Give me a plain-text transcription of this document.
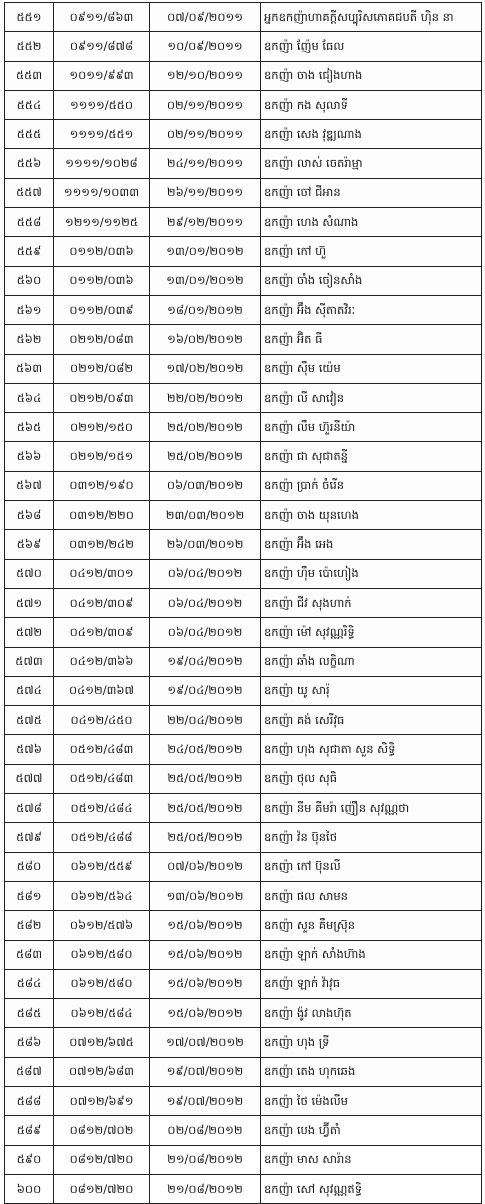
៥៥១	០៩១១/៨៦៣	០៧/០៩/២០១១	អ្នកឧកញ៉ាហាគក្តីសប្បុរិសភោគជបតី ហ៊ិន នា
៥៥២	០៩១១/៨៧៨	១០/០៩/២០១១	ឧកញ៉ា ញ៉ែម ធែល
៥៥៣	១០១១/៩៩៣	១២/១០/២០១១	ឧកញ៉ា ចាង ជៀងហាង
៥៥៤	១១១១/៥៥០	០២/១១/២០១១	ឧកញ៉ា កង សុលាទី
៥៥៥	១១១១/៥៥១	០២/១១/២០១១	ឧកញ៉ា សេង វុឌ្ឍណាង
៥៥៦	១១១១/១០២៨	២៤/១១/២០១១	ឧកញ៉ា លាស់ ចេតរ៉ាម្មា
៥៥៧	១១១១/១០៣៣	២៦/១១/២០១១	ឧកញ៉ា ចៅ ជីអាន
៥៥៨	១២១១/១១២៥	២៩/១២/២០១១	ឧកញ៉ា ហេង សំណាង
៥៥៩	០១១២/០៣៦	១៣/០១/២០១២	ឧកញ៉ា កៅ ហ៊ួ
៥៦០	០១១២/០៣៦	១៣/០១/២០១២	ឧកញ៉ា ចាំង ចៀនសាំង
៥៦១	០១១២/០៣៩	១៨/០១/២០១២	ឧកញ៉ា អ៊ឹង ស៊ីតាតវិរៈ
៥៦២	០២១២/០៨៣	១៦/០២/២០១២	ឧកញ៉ា អ៊ិត ធី
៥៦៣	០២១២/០៨២	១៧/០២/២០១២	ឧកញ៉ា ស៊ឹម យ៉េម
៥៦៤	០២១២/០៩៣	២២/០២/២០១២	ឧកញ៉ា លី សាវៀន
៥៦៥	០២១២/១៥០	២៥/០២/២០១២	ឧកញ៉ា លឹម ហ៊ួរនីយ៉ា
៥៦៦	០២១២/១៥១	២៥/០២/២០១២	ឧកញ៉ា ជា សុជាតន្នី
៥៦៧	០៣១២/១៩០	០៦/០៣/២០១២	ឧកញ៉ា ប្រាក់ ចំរើន
៥៦៨	០៣១២/២២០	២៣/០៣/២០១២	ឧកញ៉ា ចាង យុនហេង
៥៦៩	០៣១២/២៤២	២៦/០៣/២០១២	ឧកញ៉ា អ៊ឹង អេង
៥៧០	០៤១២/៣០១	០៦/០៤/២០១២	ឧកញ៉ា ហ៊ឹម ប៉ោហៀង
៥៧១	០៤១២/៣០៩	០៦/០៤/២០១២	ឧកញ៉ា ជីវ សុងហាក់
៥៧២	០៤១២/៣០៩	០៦/០៤/២០១២	ឧកញ៉ា ម៉ៅ សុវណ្ណរិទ្ធិ
៥៧៣	០៤១២/៣៦៦	១៩/០៤/២០១២	ឧកញ៉ា ឆាំង លក្ខិណា
៥៧៤	០៤១២/៣៦៧	១៩/០៤/២០១២	ឧកញ៉ា យូ សារ៉ុ
៥៧៥	០៤១២/៤៥០	២២/០៤/២០១២	ឧកញ៉ា គង់ សេរីវុធ
៥៧៦	០៥១២/៤៨៣	២៤/០៥/២០១២	ឧកញ៉ា ហុង សុជាតា សួន សិទ្ធិ
៥៧៧	០៥១២/៤៨៣	២៥/០៥/២០១២	ឧកញ៉ា ថុល សុធិ
៥៧៨	០៥១២/៤៨៤	២៥/០៥/២០១២	ឧកញ៉ា នីម គីមរ៉ា ញ៉ឿន សុវណ្ណថា
៥៧៩	០៥១២/៤៨៨	២៥/០៥/២០១២	ឧកញ៉ា វ៉ន ប៊ុនថៃ
៥៨០	០៦១២/៥៥៩	០៧/០៦/២០១២	ឧកញ៉ា កៅ ប៊ុនលី
៥៨១	០៦១២/៥៦៤	១៣/០៦/២០១២	ឧកញ៉ា ផល សាមន
៥៨២	០៦១២/៥៧៦	១៥/០៦/២០១២	ឧកញ៉ា សួន គឹមស្រ៊ុន
៥៨៣	០៦១២/៥៨០	១៥/០៦/២០១២	ឧកញ៉ា ឡាក់ សាំងហ៊ាង
៥៨៤	០៦១២/៥៨០	១៥/០៦/២០១២	ឧកញ៉ា ឡាក់ វ៉ាវុធ
៥៨៥	០៦១២/៥៨៤	១៥/០៦/២០១២	ឧកញ៉ា ង៉ូវ លាងហ៊ុត
៥៨៦	០៧១២/៦៧៥	១៧/០៧/២០១២	ឧកញ៉ា ហុង ទ្រី
៥៨៧	០៧១២/៦៨៣	១៩/០៧/២០១២	ឧកញ៉ា តេង ហុកឆេង
៥៨៨	០៧១២/៦៩១	១៩/០៧/២០១២	ឧកញ៉ា ថៃ ម៉េងលីម
៥៨៩	០៨១២/៧០២	០២/០៨/២០១២	ឧកញ៉ា បេង ហ្វ៊ីតាំ
៥៩០	០៨១២/៧២០	២១/០៨/២០១២	ឧកញ៉ា មាស សារ៉ាន
៦០០	០៨១២/៧២០	២១/០៨/២០១២	ឧកញ៉ា សៅ សុវណ្ណឥទ្ធិ
